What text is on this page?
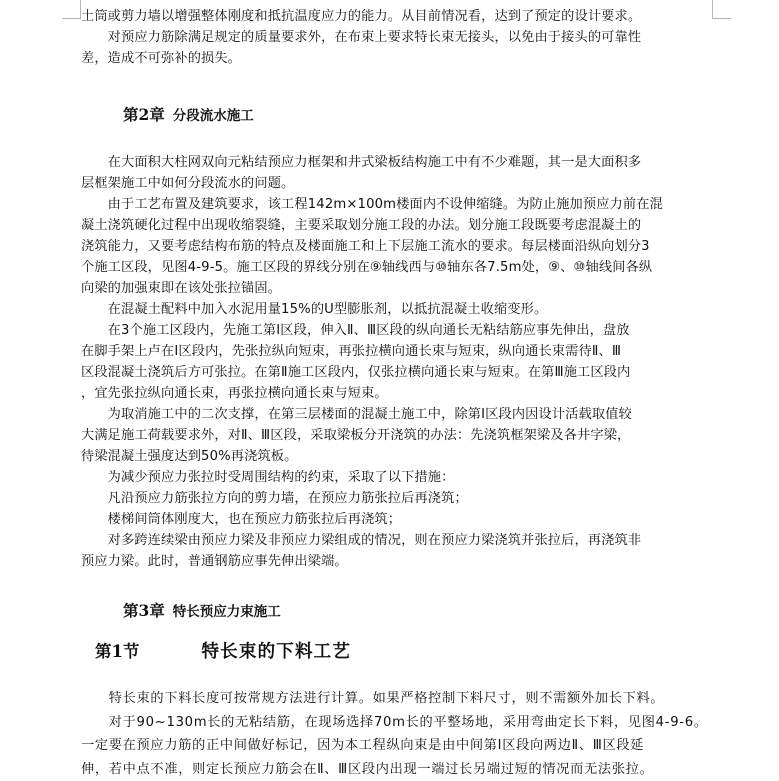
土筒或剪力墙以增强整体刚度和抵抗温度应力的能力。从目前情况看，达到了预定的设计要求。

　　对预应力筋除满足规定的质量要求外，在布束上要求特长束无接头，以免由于接头的可靠性

差，造成不可弥补的损失。

第2章 分段流水施工

　　在大面积大柱网双向元粘结预应力框架和井式梁板结构施工中有不少难题，其一是大面积多

层框架施工中如何分段流水的问题。

　　由于工艺布置及建筑要求，该工程142m×100m楼面内不设伸缩缝。为防止施加预应力前在混

凝土浇筑硬化过程中出现收缩裂缝，主要采取划分施工段的办法。划分施工段既要考虑混凝土的

浇筑能力，又要考虑结构布筋的特点及楼面施工和上下层施工流水的要求。每层楼面沿纵向划分3

个施工区段，见图4-9-5。施工区段的界线分别在⑨轴线西与⑩轴东各7.5m处，⑨、⑩轴线间各纵

向梁的加强束即在该处张拉锚固。

　　在混凝土配料中加入水泥用量15%的U型膨胀剂，以抵抗混凝土收缩变形。

　　在3个施工区段内，先施工第Ⅰ区段，伸入Ⅱ、Ⅲ区段的纵向通长无粘结筋应事先伸出，盘放

在脚手架上卢在Ⅰ区段内，先张拉纵向短束，再张拉横向通长束与短束，纵向通长束需待Ⅱ、Ⅲ

区段混凝土浇筑后方可张拉。在第Ⅱ施工区段内，仅张拉横向通长束与短束。在第Ⅲ施工区段内

，宜先张拉纵向通长束，再张拉横向通长束与短束。

　　为取消施工中的二次支撑，在第三层楼面的混凝土施工中，除第Ⅰ区段内因设计活载取值较

大满足施工荷载要求外，对Ⅱ、Ⅲ区段，采取梁板分开浇筑的办法：先浇筑框架梁及各井字梁，

待梁混凝土强度达到50%再浇筑板。

　　为减少预应力张拉时受周围结构的约束，采取了以下措施：

　　凡沿预应力筋张拉方向的剪力墙，在预应力筋张拉后再浇筑；

　　楼梯间筒体刚度大，也在预应力筋张拉后再浇筑；

　　对多跨连续梁由预应力梁及非预应力梁组成的情况，则在预应力梁浇筑并张拉后，再浇筑非

预应力梁。此时，普通钢筋应事先伸出梁端。

第3章 特长预应力束施工
第1节	特长束的下料工艺

　　特长束的下料长度可按常规方法进行计算。如果严格控制下料尺寸，则不需额外加长下料。

　　对于90~130m长的无粘结筋，在现场选择70m长的平整场地，采用弯曲定长下料，见图4-9-6。

一定要在预应力筋的正中间做好标记，因为本工程纵向束是由中间第Ⅰ区段向两边Ⅱ、Ⅲ区段延

伸，若中点不准，则定长预应力筋会在Ⅱ、Ⅲ区段内出现一端过长另端过短的情况而无法张拉。
